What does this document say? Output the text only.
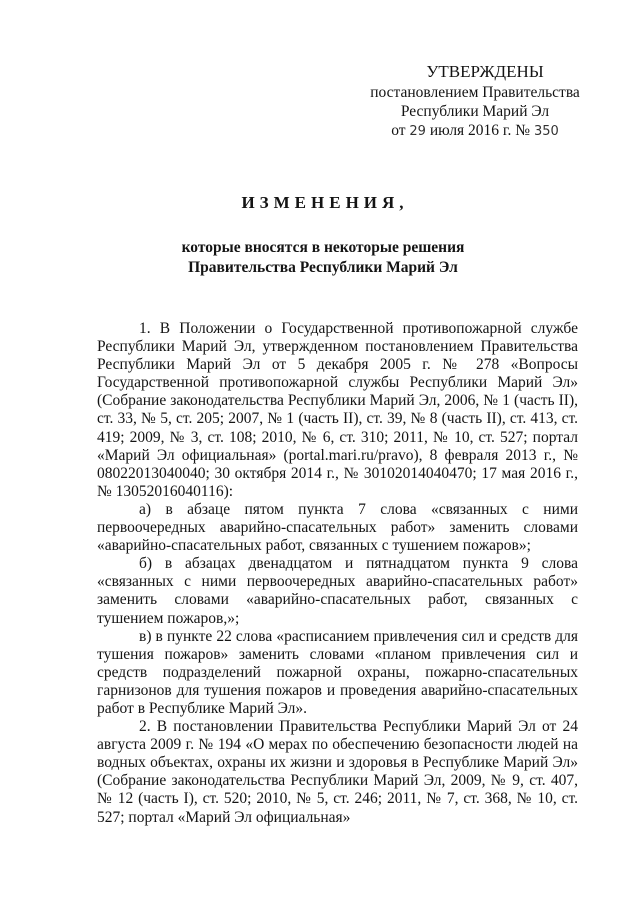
УТВЕРЖДЕНЫ
постановлением Правительства
Республики Марий Эл
от 29 июля 2016 г. № 350
ИЗМЕНЕНИЯ,
которые вносятся в некоторые решения
Правительства Республики Марий Эл

1. В Положении о Государственной противопожарной службе Республики Марий Эл, утвержденном постановлением Правительства Республики Марий Эл от 5 декабря 2005 г. № 278 «Вопросы Государственной противопожарной службы Республики Марий Эл» (Собрание законодательства Республики Марий Эл, 2006, № 1 (часть II), ст. 33, № 5, ст. 205; 2007, № 1 (часть II), ст. 39, № 8 (часть II), ст. 413, ст. 419; 2009, № 3, ст. 108; 2010, № 6, ст. 310; 2011, № 10, ст. 527; портал «Марий Эл официальная» (portal.mari.ru/pravo), 8 февраля 2013 г., № 08022013040040; 30 октября 2014 г., № 30102014040470; 17 мая 2016 г., № 13052016040116):

а) в абзаце пятом пункта 7 слова «связанных с ними первоочередных аварийно-спасательных работ» заменить словами «аварийно-спасательных работ, связанных с тушением пожаров»;

б) в абзацах двенадцатом и пятнадцатом пункта 9 слова «связанных с ними первоочередных аварийно-спасательных работ» заменить словами «аварийно-спасательных работ, связанных с тушением пожаров,»;

в) в пункте 22 слова «расписанием привлечения сил и средств для тушения пожаров» заменить словами «планом привлечения сил и средств подразделений пожарной охраны, пожарно-спасательных гарнизонов для тушения пожаров и проведения аварийно-спасательных работ в Республике Марий Эл».

2. В постановлении Правительства Республики Марий Эл от 24 августа 2009 г. № 194 «О мерах по обеспечению безопасности людей на водных объектах, охраны их жизни и здоровья в Республике Марий Эл» (Собрание законодательства Республики Марий Эл, 2009, № 9, ст. 407, № 12 (часть I), ст. 520; 2010, № 5, ст. 246; 2011, № 7, ст. 368, № 10, ст. 527; портал «Марий Эл официальная»
